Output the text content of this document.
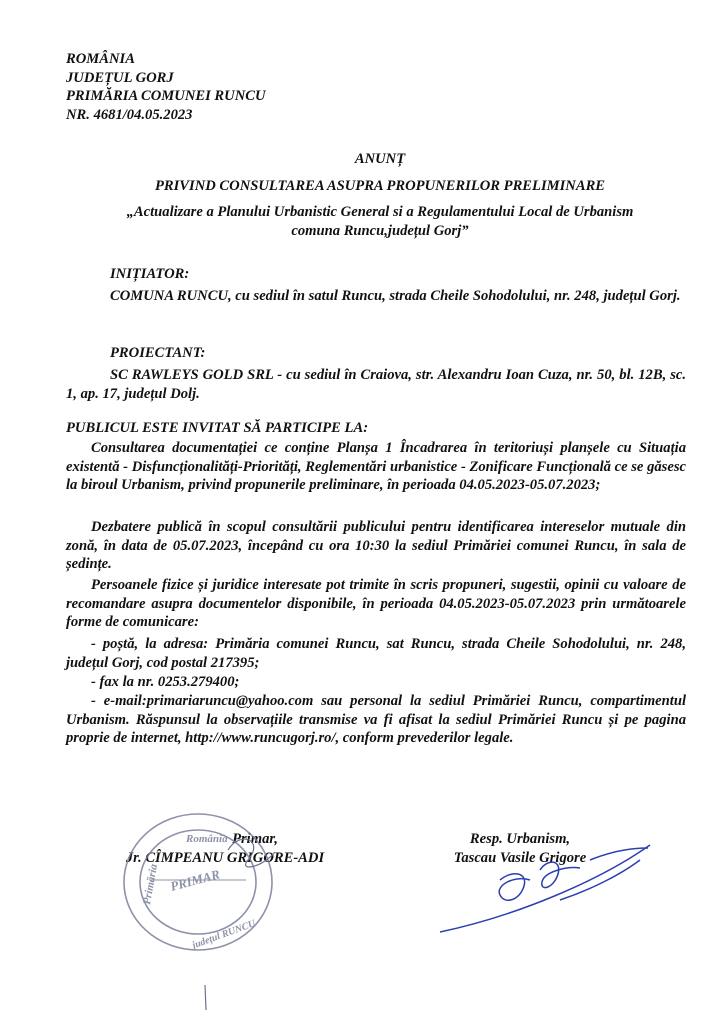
ROMÂNIA
JUDEȚUL GORJ
PRIMĂRIA COMUNEI RUNCU
NR. 4681/04.05.2023
ANUNȚ
PRIVIND CONSULTAREA ASUPRA PROPUNERILOR PRELIMINARE
„Actualizare a Planului Urbanistic General si a Regulamentului Local de Urbanism
comuna Runcu,județul Gorj”
INIȚIATOR:
COMUNA RUNCU, cu sediul în satul Runcu, strada Cheile Sohodolului, nr. 248, județul Gorj.
PROIECTANT:
SC RAWLEYS GOLD SRL - cu sediul în Craiova, str. Alexandru Ioan Cuza, nr. 50, bl. 12B, sc. 1, ap. 17, județul Dolj.
PUBLICUL ESTE INVITAT SĂ PARTICIPE LA:
Consultarea documentației ce conține Planșa 1 Încadrarea în teritoriuși planșele cu Situația existentă - Disfuncționalități-Priorități, Reglementări urbanistice - Zonificare Funcțională ce se găsesc la biroul Urbanism, privind propunerile preliminare, în perioada 04.05.2023-05.07.2023;
Dezbatere publică în scopul consultării publicului pentru identificarea intereselor mutuale din zonă, în data de 05.07.2023, începând cu ora 10:30 la sediul Primăriei comunei Runcu, în sala de ședințe.
Persoanele fizice și juridice interesate pot trimite în scris propuneri, sugestii, opinii cu valoare de recomandare asupra documentelor disponibile, în perioada 04.05.2023-05.07.2023 prin următoarele forme de comunicare:
- poștă, la adresa: Primăria comunei Runcu, sat Runcu, strada Cheile Sohodolului, nr. 248, județul Gorj, cod postal 217395;
- fax la nr. 0253.279400;
- e-mail:primariaruncu@yahoo.com sau personal la sediul Primăriei Runcu, compartimentul Urbanism. Răspunsul la observațiile transmise va fi afisat la sediul Primăriei Runcu și pe pagina proprie de internet, http://www.runcugorj.ro/, conform prevederilor legale.
Primar,
Jr. CÎMPEANU GRIGORE-ADI
Resp. Urbanism,
Tascau Vasile Grigore
România
Primăria PRIMAR
județul RUNCU
